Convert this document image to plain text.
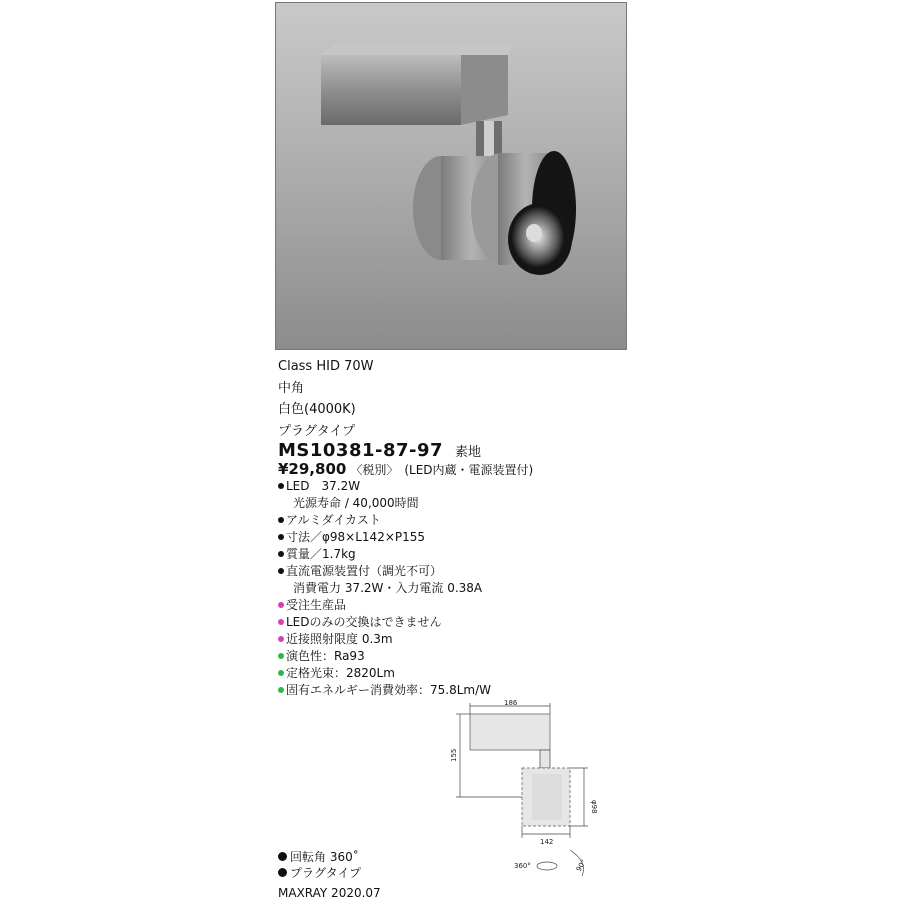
Class HID 70W
中角
白色(4000K)
プラグタイプ
MS10381-87-97 素地
¥29,800 〈税別〉 (LED内蔵・電源装置付)
LED　37.2W
光源寿命 / 40,000時間
アルミダイカスト
寸法／φ98×L142×P155
質量／1.7kg
直流電源装置付（調光不可）
消費電力 37.2W・入力電流 0.38A
受注生産品
LEDのみの交換はできません
近接照射限度 0.3m
演色性：Ra93
定格光束：2820Lm
固有エネルギー消費効率：75.8Lm/W
186
155
φ98
142
360°	90°
回転角 360˚
プラグタイプ
MAXRAY 2020.07
